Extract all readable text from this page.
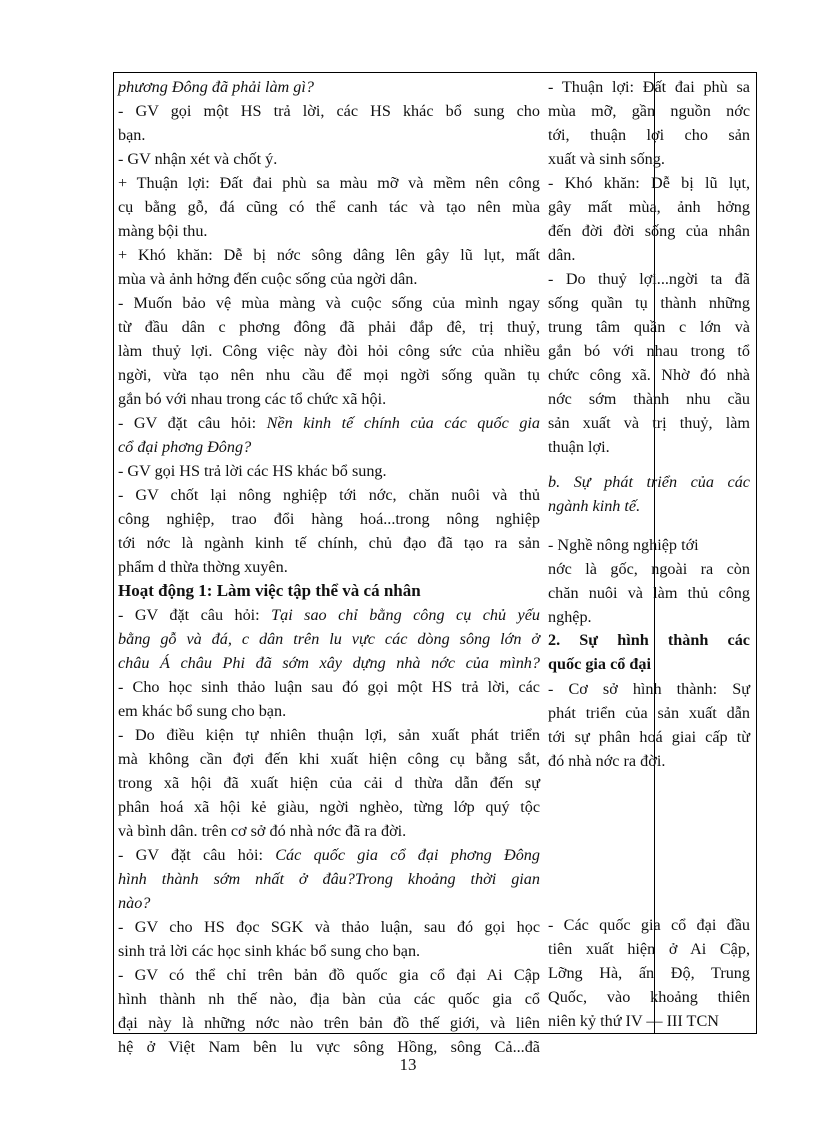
phương Đông đã phải làm gì?
- GV gọi một HS trả lời, các HS khác bổ sung cho
bạn.
- GV nhận xét và chốt ý.
+ Thuận lợi: Đất đai phù sa màu mỡ và mềm nên công
cụ bằng gỗ, đá cũng có thể canh tác và tạo nên mùa
màng bội thu.
+ Khó khăn: Dễ bị nớc sông dâng lên gây lũ lụt, mất
mùa và ảnh hởng đến cuộc sống của ngời dân.
- Muốn bảo vệ mùa màng và cuộc sống của mình ngay
từ đầu dân c phơng đông đã phải đắp đê, trị thuỷ,
làm thuỷ lợi. Công việc này đòi hỏi công sức của nhiều
ngời, vừa tạo nên nhu cầu để mọi ngời sống quần tụ
gắn bó với nhau trong các tổ chức xã hội.
- GV đặt câu hỏi: Nền kinh tế chính của các quốc gia
cổ đại phơng Đông?
- GV gọi HS trả lời các HS khác bổ sung.
- GV chốt lại nông nghiệp tới nớc, chăn nuôi và thủ
công nghiệp, trao đổi hàng hoá...trong nông nghiệp
tới nớc là ngành kinh tế chính, chủ đạo đã tạo ra sản
phẩm d thừa thờng xuyên.
Hoạt động 1: Làm việc tập thể và cá nhân
- GV đặt câu hỏi: Tại sao chỉ bằng công cụ chủ yếu
bằng gỗ và đá, c dân trên lu vực các dòng sông lớn ở
châu Á châu Phi đã sớm xây dựng nhà nớc của mình?
- Cho học sinh thảo luận sau đó gọi một HS trả lời, các
em khác bổ sung cho bạn.
- Do điều kiện tự nhiên thuận lợi, sản xuất phát triển
mà không cần đợi đến khi xuất hiện công cụ bằng sắt,
trong xã hội đã xuất hiện của cải d thừa dẫn đến sự
phân hoá xã hội kẻ giàu, ngời nghèo, từng lớp quý tộc
và bình dân. trên cơ sở đó nhà nớc đã ra đời.
- GV đặt câu hỏi: Các quốc gia cổ đại phơng Đông
hình thành sớm nhất ở đâu?Trong khoảng thời gian
nào?
- GV cho HS đọc SGK và thảo luận, sau đó gọi học
sinh trả lời các học sinh khác bổ sung cho bạn.
- GV có thể chỉ trên bản đồ quốc gia cổ đại Ai Cập
hình thành nh thế nào, địa bàn của các quốc gia cổ
đại này là những nớc nào trên bản đồ thế giới, và liên
hệ ở Việt Nam bên lu vực sông Hồng, sông Cả...đã
- Thuận lợi: Đất đai phù sa
mùa mỡ, gần nguồn nớc
tới, thuận lợi cho sản
xuất và sinh sống.
- Khó khăn: Dễ bị lũ lụt,
gây mất mùa, ảnh hởng
đến đời đời sống của nhân
dân.
- Do thuỷ lợi...ngời ta đã
sống quần tụ thành những
trung tâm quần c lớn và
gắn bó với nhau trong tổ
chức công xã. Nhờ đó nhà
nớc sớm thành nhu cầu
sản xuất và trị thuỷ, làm
thuận lợi.
b. Sự phát triển của các
ngành kinh tế.
- Nghề nông nghiệp tới
nớc là gốc, ngoài ra còn
chăn nuôi và làm thủ công
nghệp.
2. Sự hình thành các
quốc gia cổ đại
- Cơ sở hình thành: Sự
phát triển của sản xuất dẫn
tới sự phân hoá giai cấp từ
đó nhà nớc ra đời.
- Các quốc gia cổ đại đầu
tiên xuất hiện ở Ai Cập,
Lỡng Hà, ấn Độ, Trung
Quốc, vào khoảng thiên
niên kỷ thứ IV — III TCN
13
